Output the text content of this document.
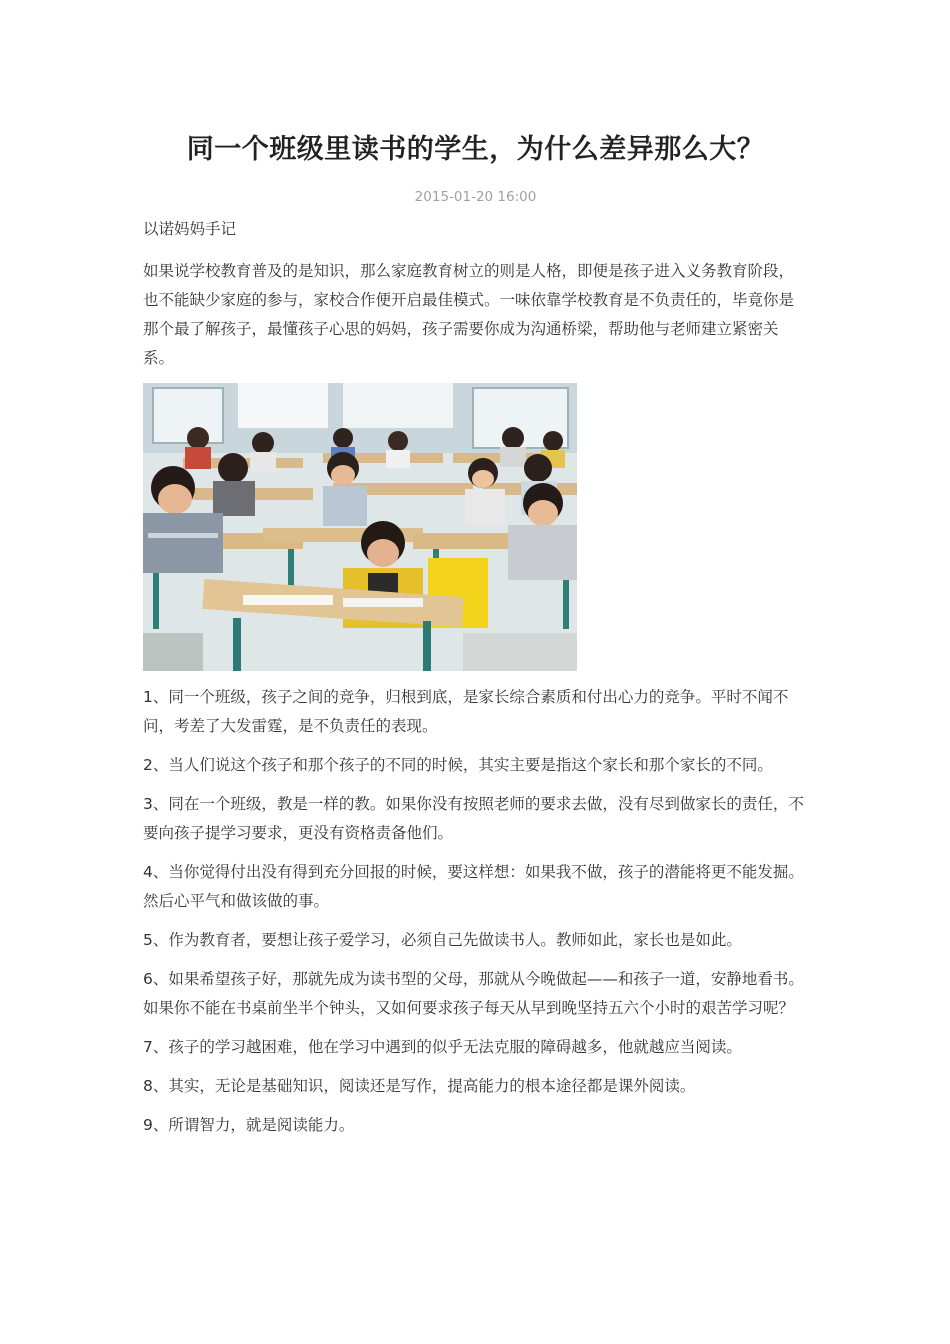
同一个班级里读书的学生，为什么差异那么大？
2015-01-20 16:00
以诺妈妈手记

如果说学校教育普及的是知识，那么家庭教育树立的则是人格，即便是孩子进入义务教育阶段，也不能缺少家庭的参与，家校合作便开启最佳模式。一味依靠学校教育是不负责任的，毕竟你是那个最了解孩子，最懂孩子心思的妈妈，孩子需要你成为沟通桥梁，帮助他与老师建立紧密关系。

1、同一个班级，孩子之间的竞争，归根到底，是家长综合素质和付出心力的竞争。平时不闻不问，考差了大发雷霆，是不负责任的表现。
2、当人们说这个孩子和那个孩子的不同的时候，其实主要是指这个家长和那个家长的不同。
3、同在一个班级，教是一样的教。如果你没有按照老师的要求去做，没有尽到做家长的责任，不要向孩子提学习要求，更没有资格责备他们。
4、当你觉得付出没有得到充分回报的时候，要这样想：如果我不做，孩子的潜能将更不能发掘。然后心平气和做该做的事。
5、作为教育者，要想让孩子爱学习，必须自己先做读书人。教师如此，家长也是如此。
6、如果希望孩子好，那就先成为读书型的父母，那就从今晚做起——和孩子一道，安静地看书。如果你不能在书桌前坐半个钟头，又如何要求孩子每天从早到晚坚持五六个小时的艰苦学习呢？
7、孩子的学习越困难，他在学习中遇到的似乎无法克服的障碍越多，他就越应当阅读。
8、其实，无论是基础知识，阅读还是写作，提高能力的根本途径都是课外阅读。
9、所谓智力，就是阅读能力。
